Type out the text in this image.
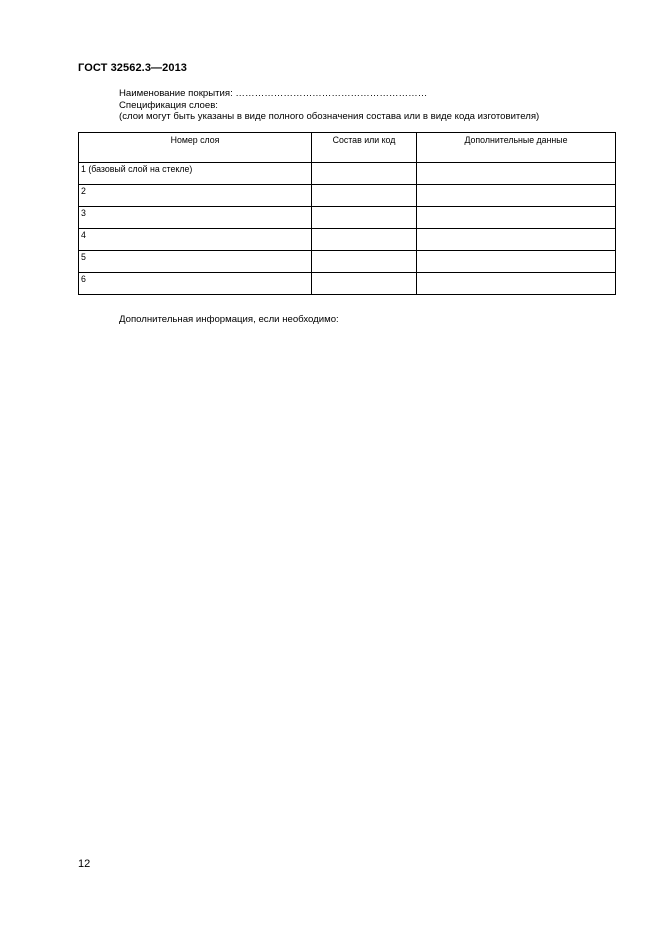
ГОСТ 32562.3—2013
Наименование покрытия: ……………………………………………………
Спецификация слоев:
(слои могут быть указаны в виде полного обозначения состава или в виде кода изготовителя)
Номер слоя	Состав или код	Дополнительные данные
1 (базовый слой на стекле)		
2		
3		
4		
5		
6		
Дополнительная информация, если необходимо:
12
